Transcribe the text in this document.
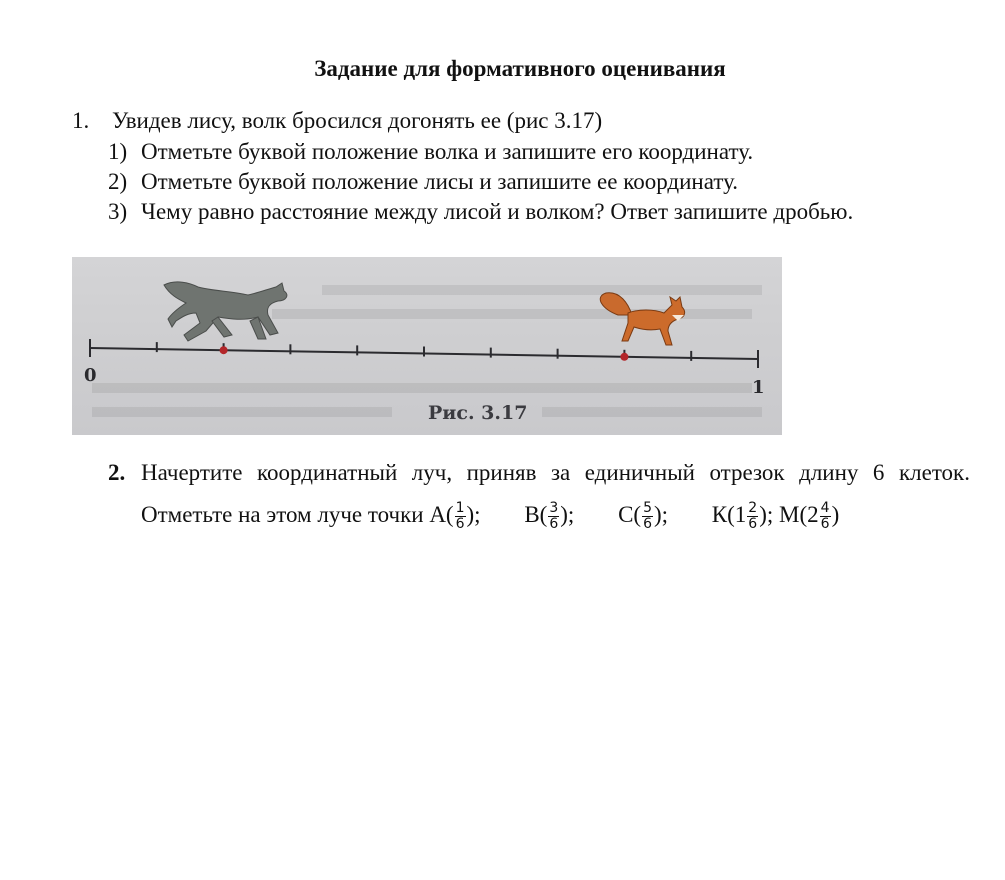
Задание для формативного оценивания
1. Увидев лису, волк бросился догонять ее (рис 3.17)
1) Отметьте буквой положение волка и запишите его координату.
2) Отметьте буквой положение лисы и запишите ее координату.
3) Чему равно расстояние между лисой и волком? Ответ запишите дробью.
0
1
Рис. 3.17
2. Начертите координатный луч, приняв за единичный отрезок длину 6 клеток. Отметьте на этом луче точки $А( \frac{1}{6}$ ); $В( \frac{3}{6}$ ); $С( \frac{5}{6}$ ); $К(1 \frac{2}{6}$ ); $М(2 \frac{4}{6}$ )
